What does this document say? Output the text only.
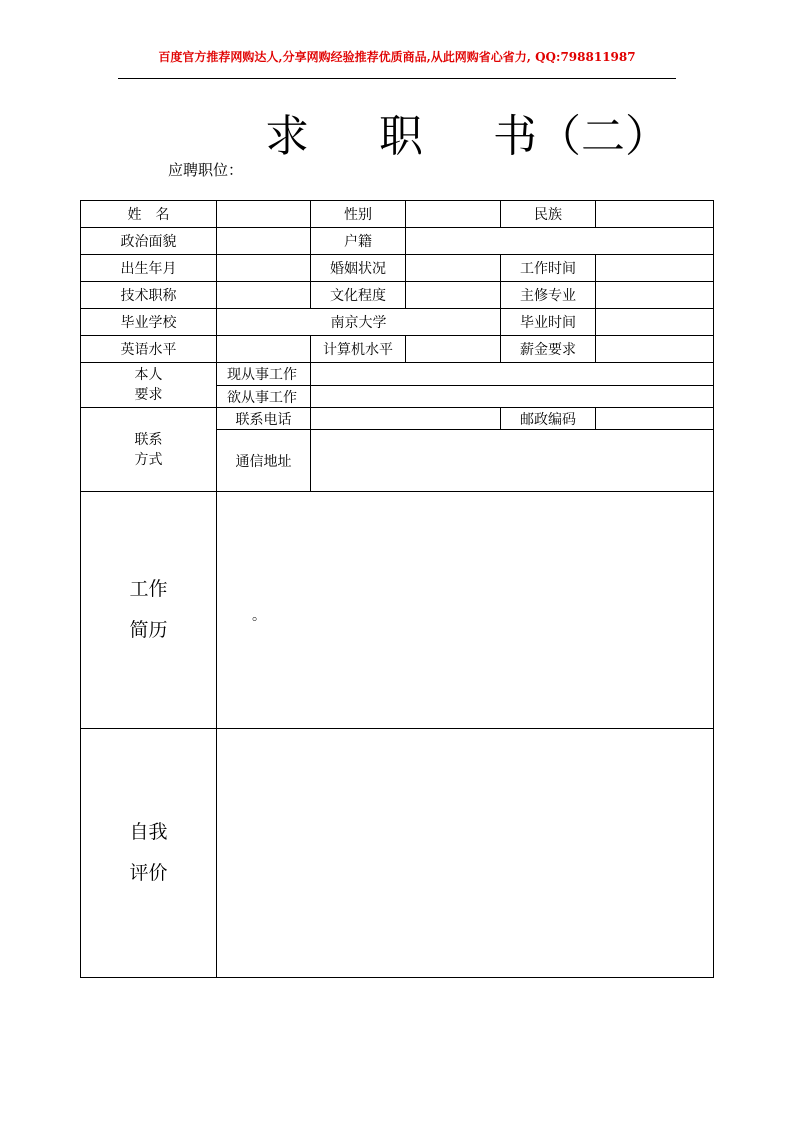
百度官方推荐网购达人,分享网购经验推荐优质商品,从此网购省心省力, QQ:798811987
求 职 书（二）
应聘职位：
姓　名		性别		民族	
政治面貌		户籍			
出生年月		婚姻状况		工作时间	
技术职称		文化程度		主修专业	
毕业学校	南京大学			毕业时间	
英语水平		计算机水平		薪金要求	

本人
要求	现从事工作				
	欲从事工作				

联系
方式	联系电话			邮政编码	
	通信地址				

工作
简历					

自我
评价					

。
